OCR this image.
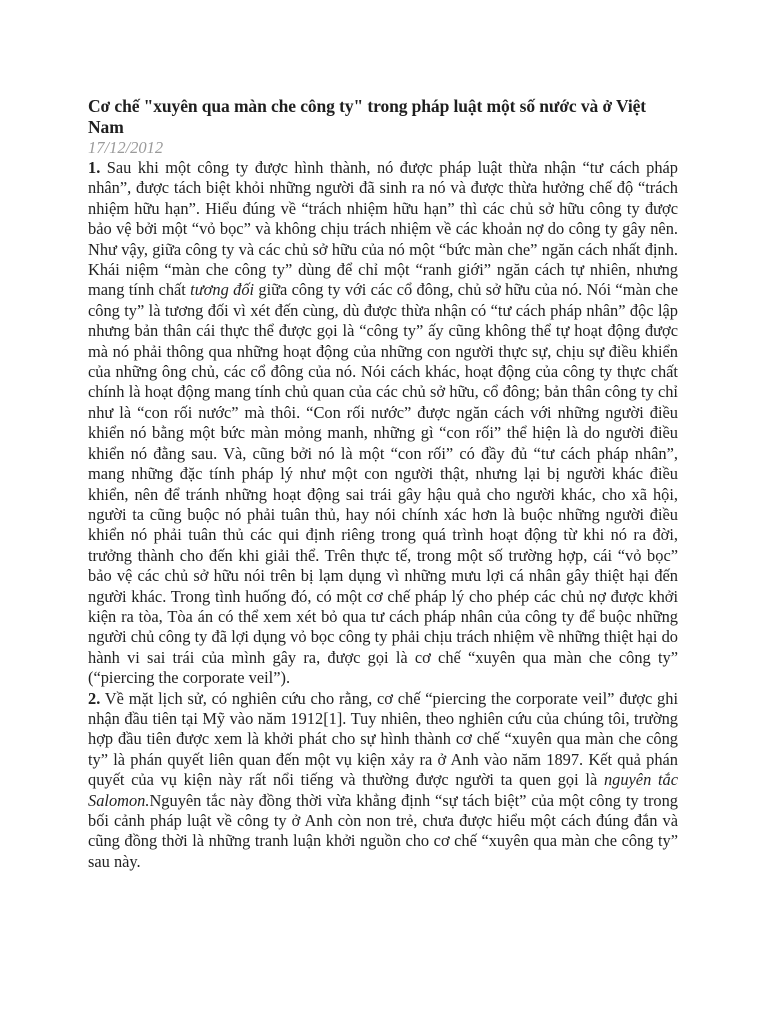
Cơ chế "xuyên qua màn che công ty" trong pháp luật một số nước và ở Việt Nam

17/12/2012

1. Sau khi một công ty được hình thành, nó được pháp luật thừa nhận “tư cách pháp nhân”, được tách biệt khỏi những người đã sinh ra nó và được thừa hưởng chế độ “trách nhiệm hữu hạn”. Hiểu đúng về “trách nhiệm hữu hạn” thì các chủ sở hữu công ty được bảo vệ bởi một “vỏ bọc” và không chịu trách nhiệm về các khoản nợ do công ty gây nên. Như vậy, giữa công ty và các chủ sở hữu của nó một “bức màn che” ngăn cách nhất định. Khái niệm “màn che công ty” dùng để chỉ một “ranh giới” ngăn cách tự nhiên, nhưng mang tính chất tương đối giữa công ty với các cổ đông, chủ sở hữu của nó. Nói “màn che công ty” là tương đối vì xét đến cùng, dù được thừa nhận có “tư cách pháp nhân” độc lập nhưng bản thân cái thực thể được gọi là “công ty” ấy cũng không thể tự hoạt động được mà nó phải thông qua những hoạt động của những con người thực sự, chịu sự điều khiển của những ông chủ, các cổ đông của nó. Nói cách khác, hoạt động của công ty thực chất chính là hoạt động mang tính chủ quan của các chủ sở hữu, cổ đông; bản thân công ty chỉ như là “con rối nước” mà thôi. “Con rối nước” được ngăn cách với những người điều khiển nó bằng một bức màn mỏng manh, những gì “con rối” thể hiện là do người điều khiển nó đằng sau. Và, cũng bởi nó là một “con rối” có đầy đủ “tư cách pháp nhân”, mang những đặc tính pháp lý như một con người thật, nhưng lại bị người khác điều khiển, nên để tránh những hoạt động sai trái gây hậu quả cho người khác, cho xã hội, người ta cũng buộc nó phải tuân thủ, hay nói chính xác hơn là buộc những người điều khiển nó phải tuân thủ các qui định riêng trong quá trình hoạt động từ khi nó ra đời, trưởng thành cho đến khi giải thể. Trên thực tế, trong một số trường hợp, cái “vỏ bọc” bảo vệ các chủ sở hữu nói trên bị lạm dụng vì những mưu lợi cá nhân gây thiệt hại đến người khác. Trong tình huống đó, có một cơ chế pháp lý cho phép các chủ nợ được khởi kiện ra tòa, Tòa án có thể xem xét bỏ qua tư cách pháp nhân của công ty để buộc những người chủ công ty đã lợi dụng vỏ bọc công ty phải chịu trách nhiệm về những thiệt hại do hành vi sai trái của mình gây ra, được gọi là cơ chế “xuyên qua màn che công ty” (“piercing the corporate veil”).

2. Về mặt lịch sử, có nghiên cứu cho rằng, cơ chế “piercing the corporate veil” được ghi nhận đầu tiên tại Mỹ vào năm 1912[1]. Tuy nhiên, theo nghiên cứu của chúng tôi, trường hợp đầu tiên được xem là khởi phát cho sự hình thành cơ chế “xuyên qua màn che công ty” là phán quyết liên quan đến một vụ kiện xảy ra ở Anh vào năm 1897. Kết quả phán quyết của vụ kiện này rất nổi tiếng và thường được người ta quen gọi là nguyên tắc Salomon.Nguyên tắc này đồng thời vừa khẳng định “sự tách biệt” của một công ty trong bối cảnh pháp luật về công ty ở Anh còn non trẻ, chưa được hiểu một cách đúng đắn và cũng đồng thời là những tranh luận khởi nguồn cho cơ chế “xuyên qua màn che công ty” sau này.
